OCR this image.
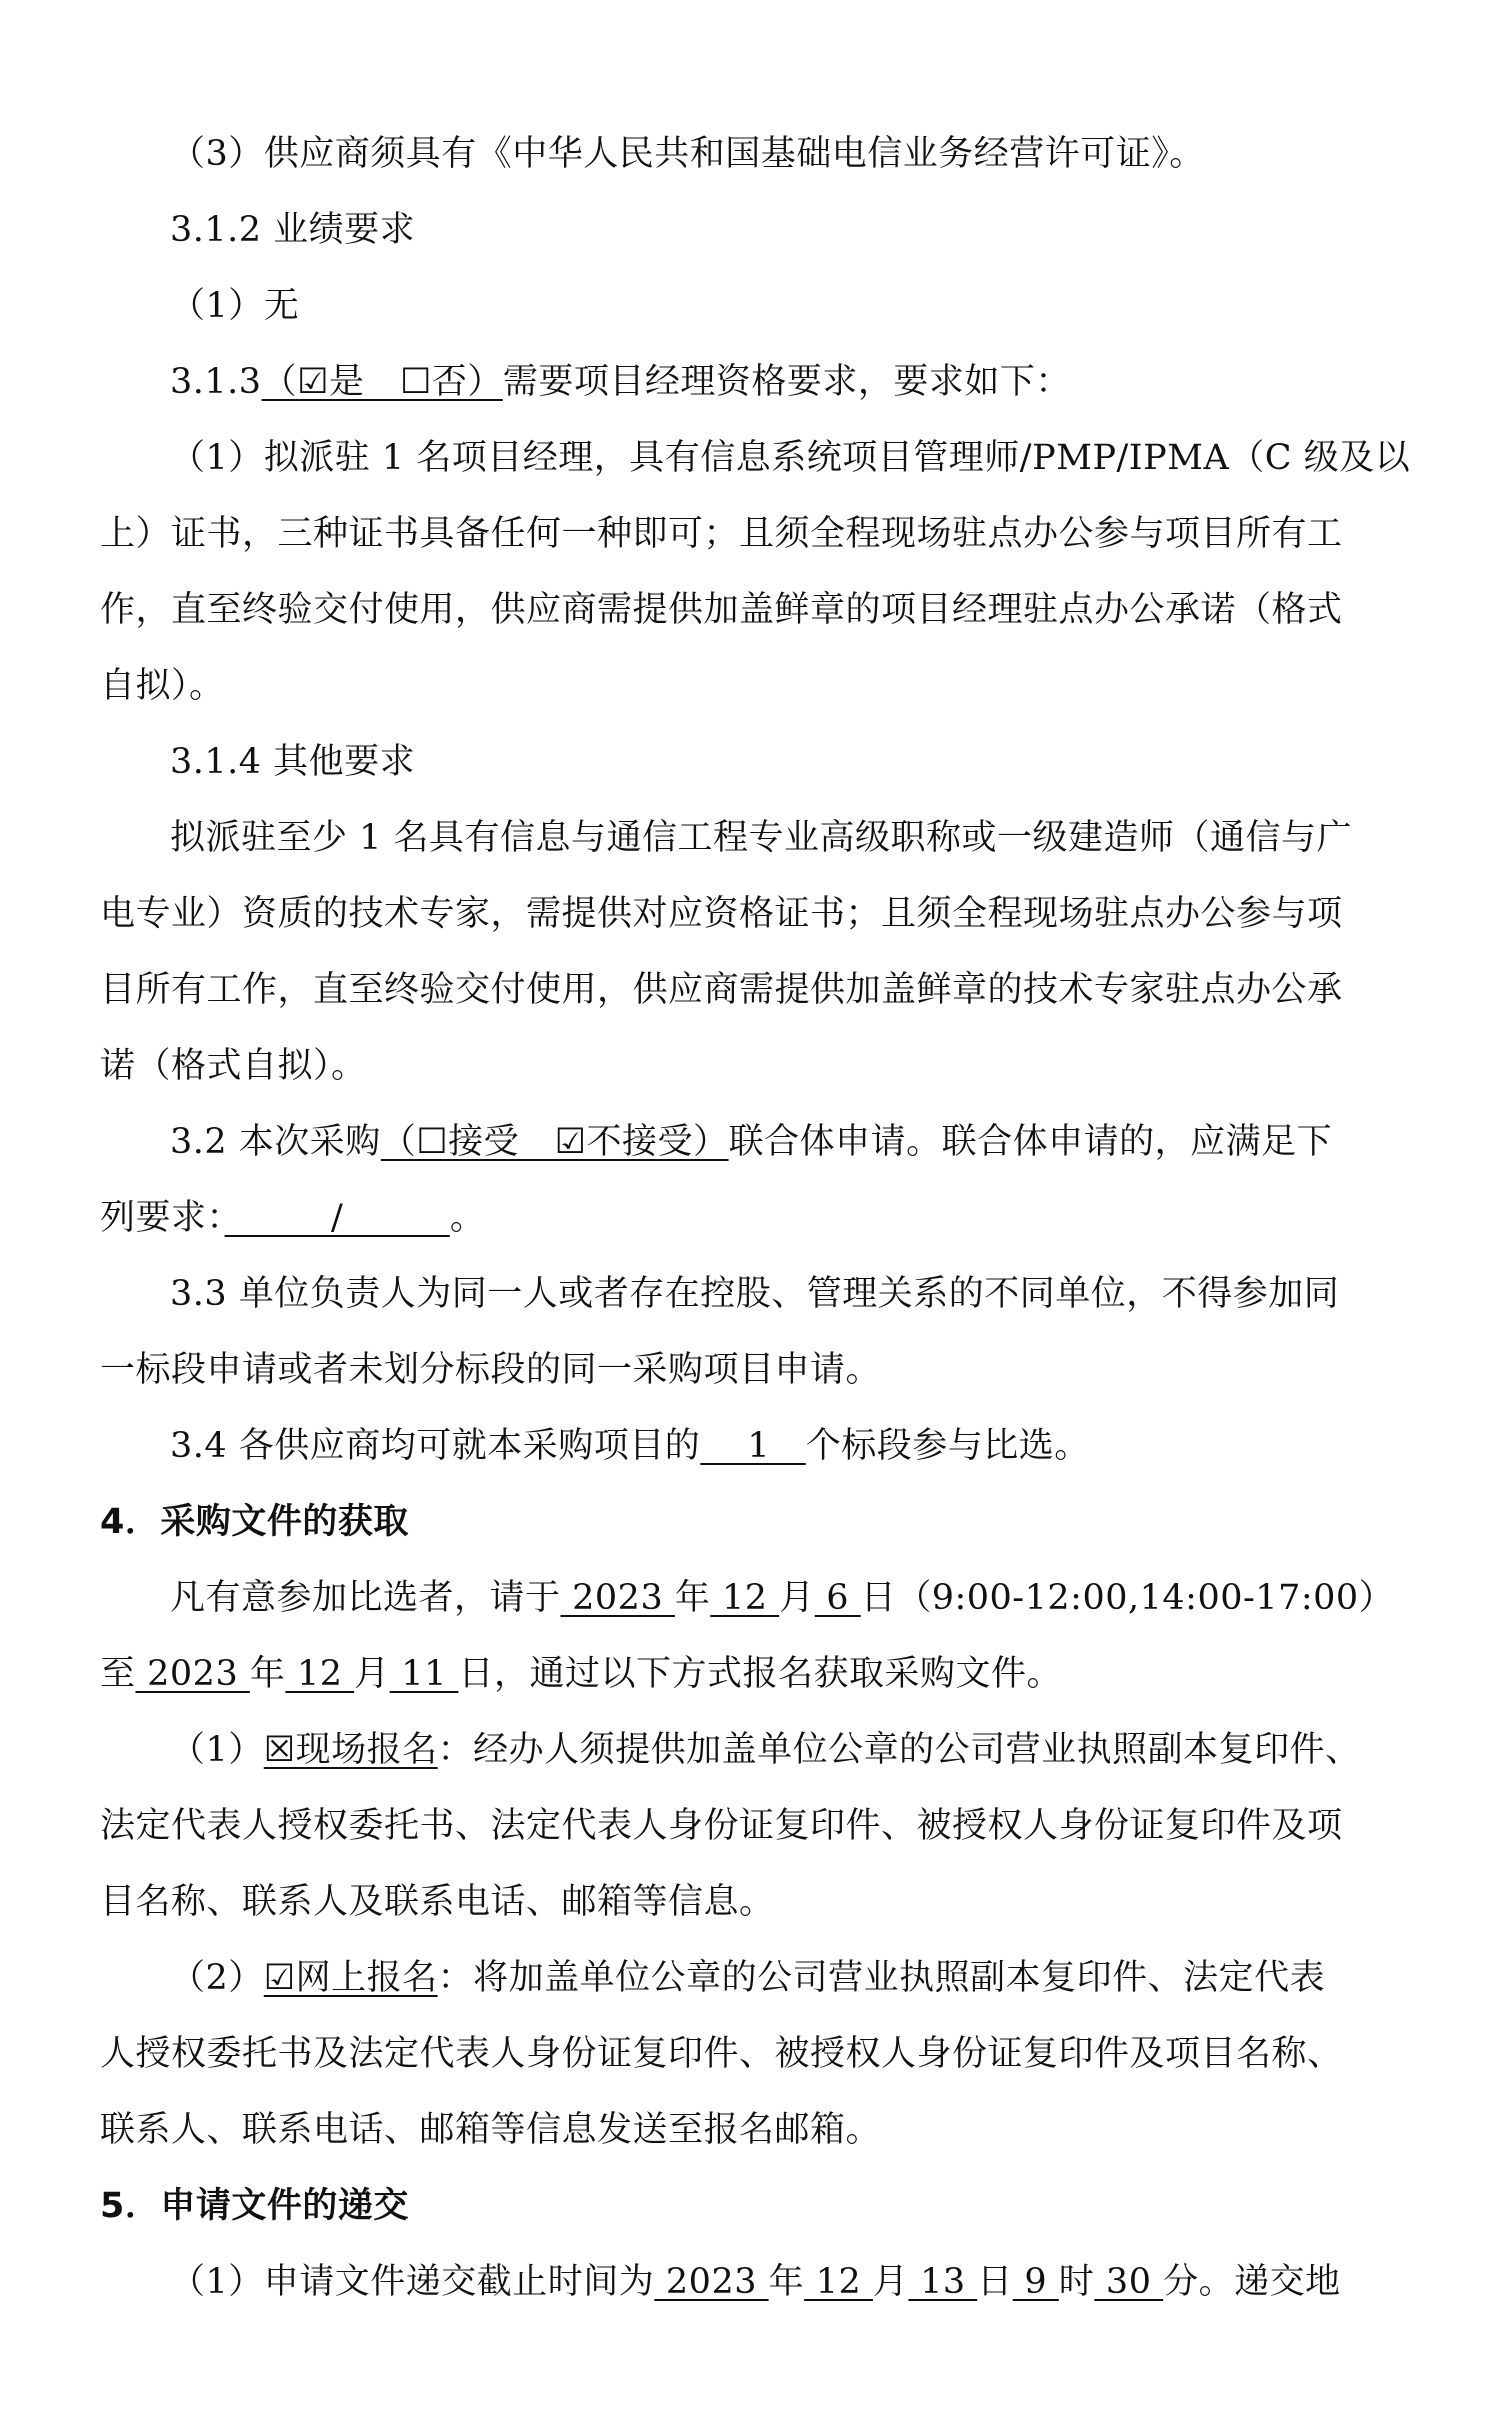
（3）供应商须具有《中华人民共和国基础电信业务经营许可证》。
3.1.2 业绩要求
（1）无
3.1.3（☑是　☐否）需要项目经理资格要求，要求如下：
（1）拟派驻 1 名项目经理，具有信息系统项目管理师/PMP/IPMA（C 级及以
上）证书，三种证书具备任何一种即可；且须全程现场驻点办公参与项目所有工
作，直至终验交付使用，供应商需提供加盖鲜章的项目经理驻点办公承诺（格式
自拟）。
3.1.4 其他要求
拟派驻至少 1 名具有信息与通信工程专业高级职称或一级建造师（通信与广
电专业）资质的技术专家，需提供对应资格证书；且须全程现场驻点办公参与项
目所有工作，直至终验交付使用，供应商需提供加盖鲜章的技术专家驻点办公承
诺（格式自拟）。
3.2 本次采购（☐接受　☑不接受）联合体申请。联合体申请的，应满足下
列要求：　　　/　　　。
3.3 单位负责人为同一人或者存在控股、管理关系的不同单位，不得参加同
一标段申请或者未划分标段的同一采购项目申请。
3.4 各供应商均可就本采购项目的　 1　个标段参与比选。
4．采购文件的获取
凡有意参加比选者，请于 2023 年 12 月 6 日（9:00-12:00,14:00-17:00）
至 2023 年 12 月 11 日，通过以下方式报名获取采购文件。
（1）☒现场报名：经办人须提供加盖单位公章的公司营业执照副本复印件、
法定代表人授权委托书、法定代表人身份证复印件、被授权人身份证复印件及项
目名称、联系人及联系电话、邮箱等信息。
（2）☑网上报名：将加盖单位公章的公司营业执照副本复印件、法定代表
人授权委托书及法定代表人身份证复印件、被授权人身份证复印件及项目名称、
联系人、联系电话、邮箱等信息发送至报名邮箱。
5．申请文件的递交
（1）申请文件递交截止时间为 2023 年 12 月 13 日 9 时 30 分。递交地
